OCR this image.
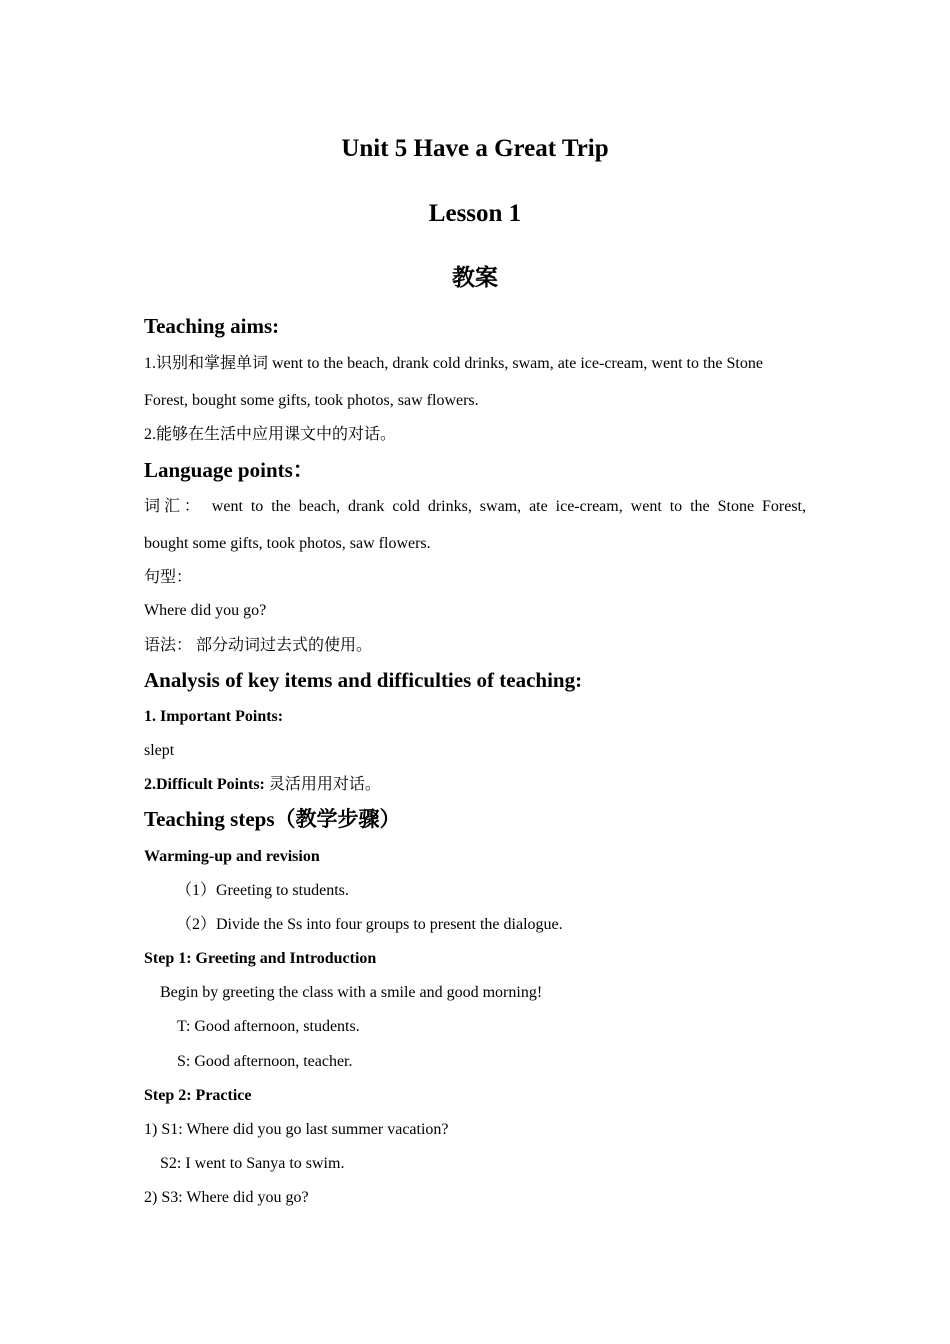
Unit 5 Have a Great Trip
Lesson 1
教案
Teaching aims:
1.识别和掌握单词 went to the beach, drank cold drinks, swam, ate ice-cream, went to the Stone
Forest, bought some gifts, took photos, saw flowers.
2.能够在生活中应用课文中的对话。
Language points：
词汇： went to the beach, drank cold drinks, swam, ate ice-cream, went to the Stone Forest,
bought some gifts, took photos, saw flowers.
句型：
Where did you go?
语法： 部分动词过去式的使用。
Analysis of key items and difficulties of teaching:
1. Important Points:
slept
2.Difficult Points: 灵活用用对话。
Teaching steps（教学步骤）
Warming-up and revision
（1）Greeting to students.
（2）Divide the Ss into four groups to present the dialogue.
Step 1: Greeting and Introduction
Begin by greeting the class with a smile and good morning!
T: Good afternoon, students.
S: Good afternoon, teacher.
Step 2: Practice
1) S1: Where did you go last summer vacation?
S2: I went to Sanya to swim.
2) S3: Where did you go?
